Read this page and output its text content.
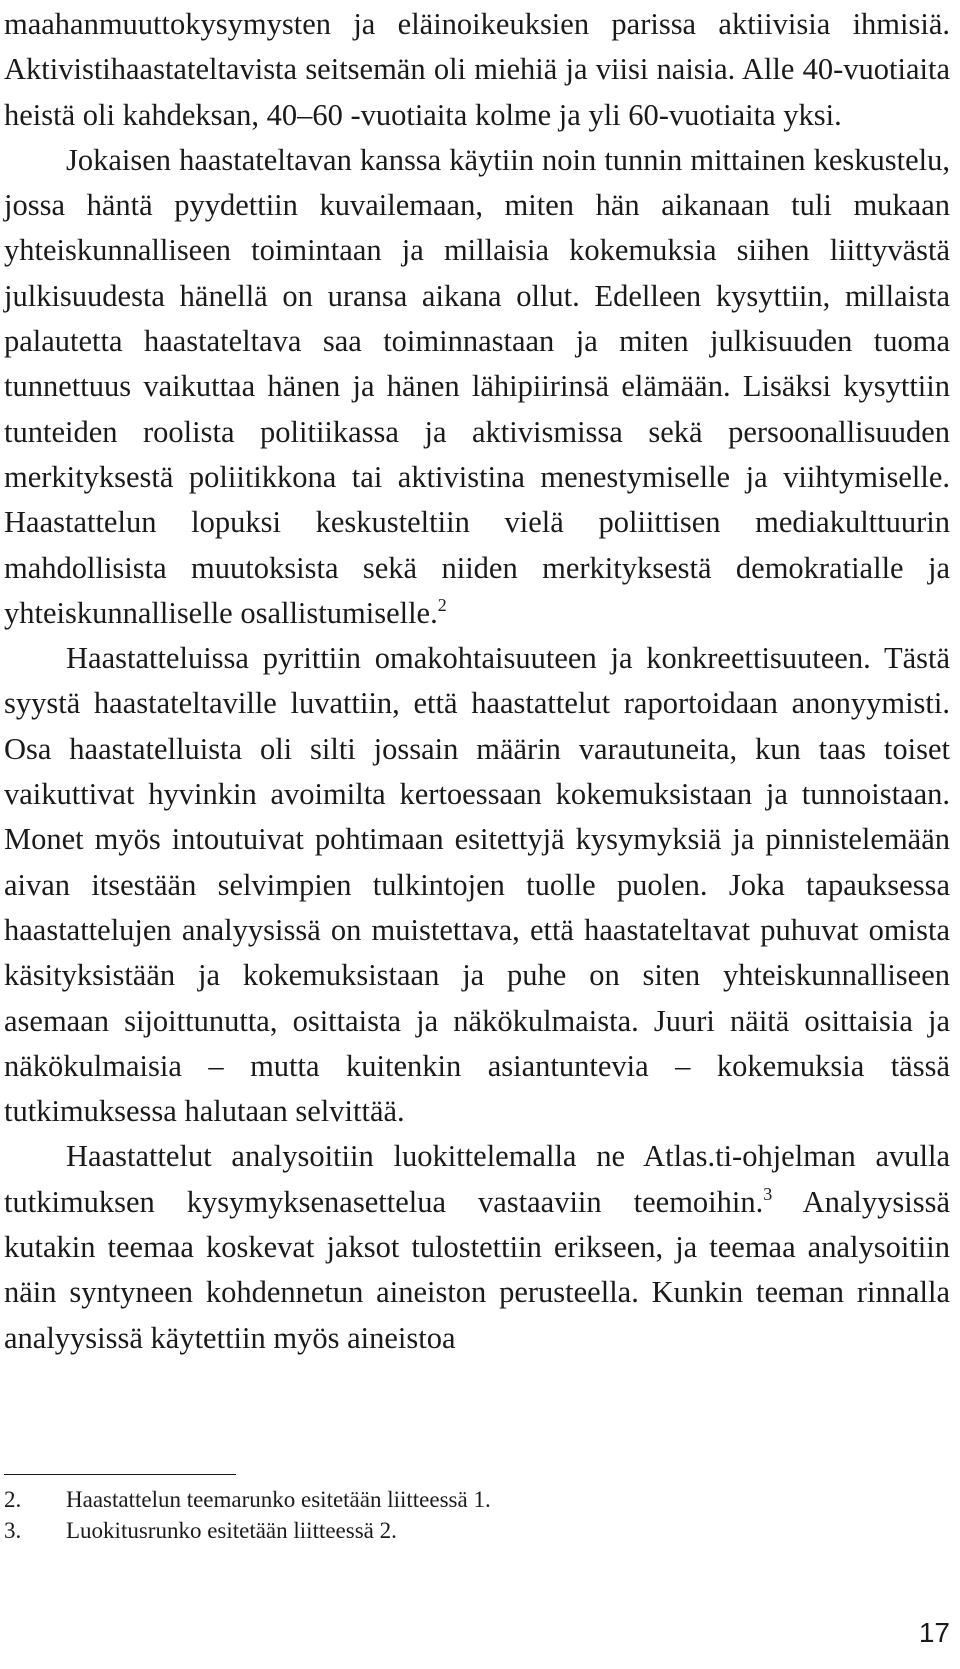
maahanmuuttokysymysten ja eläinoikeuksien parissa aktiivisia ihmisiä. Aktivistihaastateltavista seitsemän oli miehiä ja viisi naisia. Alle 40-vuotiaita heistä oli kahdeksan, 40–60 -vuotiaita kolme ja yli 60-vuotiaita yksi.

Jokaisen haastateltavan kanssa käytiin noin tunnin mittainen keskustelu, jossa häntä pyydettiin kuvailemaan, miten hän aikanaan tuli mukaan yhteiskunnalliseen toimintaan ja millaisia kokemuksia siihen liittyvästä julkisuudesta hänellä on uransa aikana ollut. Edelleen kysyttiin, millaista palautetta haastateltava saa toiminnastaan ja miten julkisuuden tuoma tunnettuus vaikuttaa hänen ja hänen lähipiirinsä elämään. Lisäksi kysyttiin tunteiden roolista politiikassa ja aktivismissa sekä persoonallisuuden merkityksestä poliitikkona tai aktivistina menestymiselle ja viihtymiselle. Haastattelun lopuksi keskusteltiin vielä poliittisen mediakulttuurin mahdollisista muutoksista sekä niiden merkityksestä demokratialle ja yhteiskunnalliselle osallistumiselle.$^2$

Haastatteluissa pyrittiin omakohtaisuuteen ja konkreettisuuteen. Tästä syystä haastateltaville luvattiin, että haastattelut raportoidaan anonyymisti. Osa haastatelluista oli silti jossain määrin varautuneita, kun taas toiset vaikuttivat hyvinkin avoimilta kertoessaan kokemuksistaan ja tunnoistaan. Monet myös intoutuivat pohtimaan esitettyjä kysymyksiä ja pinnistelemään aivan itsestään selvimpien tulkintojen tuolle puolen. Joka tapauksessa haastattelujen analyysissä on muistettava, että haastateltavat puhuvat omista käsityksistään ja kokemuksistaan ja puhe on siten yhteiskunnalliseen asemaan sijoittunutta, osittaista ja näkökulmaista. Juuri näitä osittaisia ja näkökulmaisia – mutta kuitenkin asiantuntevia – kokemuksia tässä tutkimuksessa halutaan selvittää.

Haastattelut analysoitiin luokittelemalla ne Atlas.ti-ohjelman avulla tutkimuksen kysymyksenasettelua vastaaviin teemoihin.$^3$ Analyysissä kutakin teemaa koskevat jaksot tulostettiin erikseen, ja teemaa analysoitiin näin syntyneen kohdennetun aineiston perusteella. Kunkin teeman rinnalla analyysissä käytettiin myös aineistoa

2.	Haastattelun teemarunko esitetään liitteessä 1.
3.	Luokitusrunko esitetään liitteessä 2.
17
